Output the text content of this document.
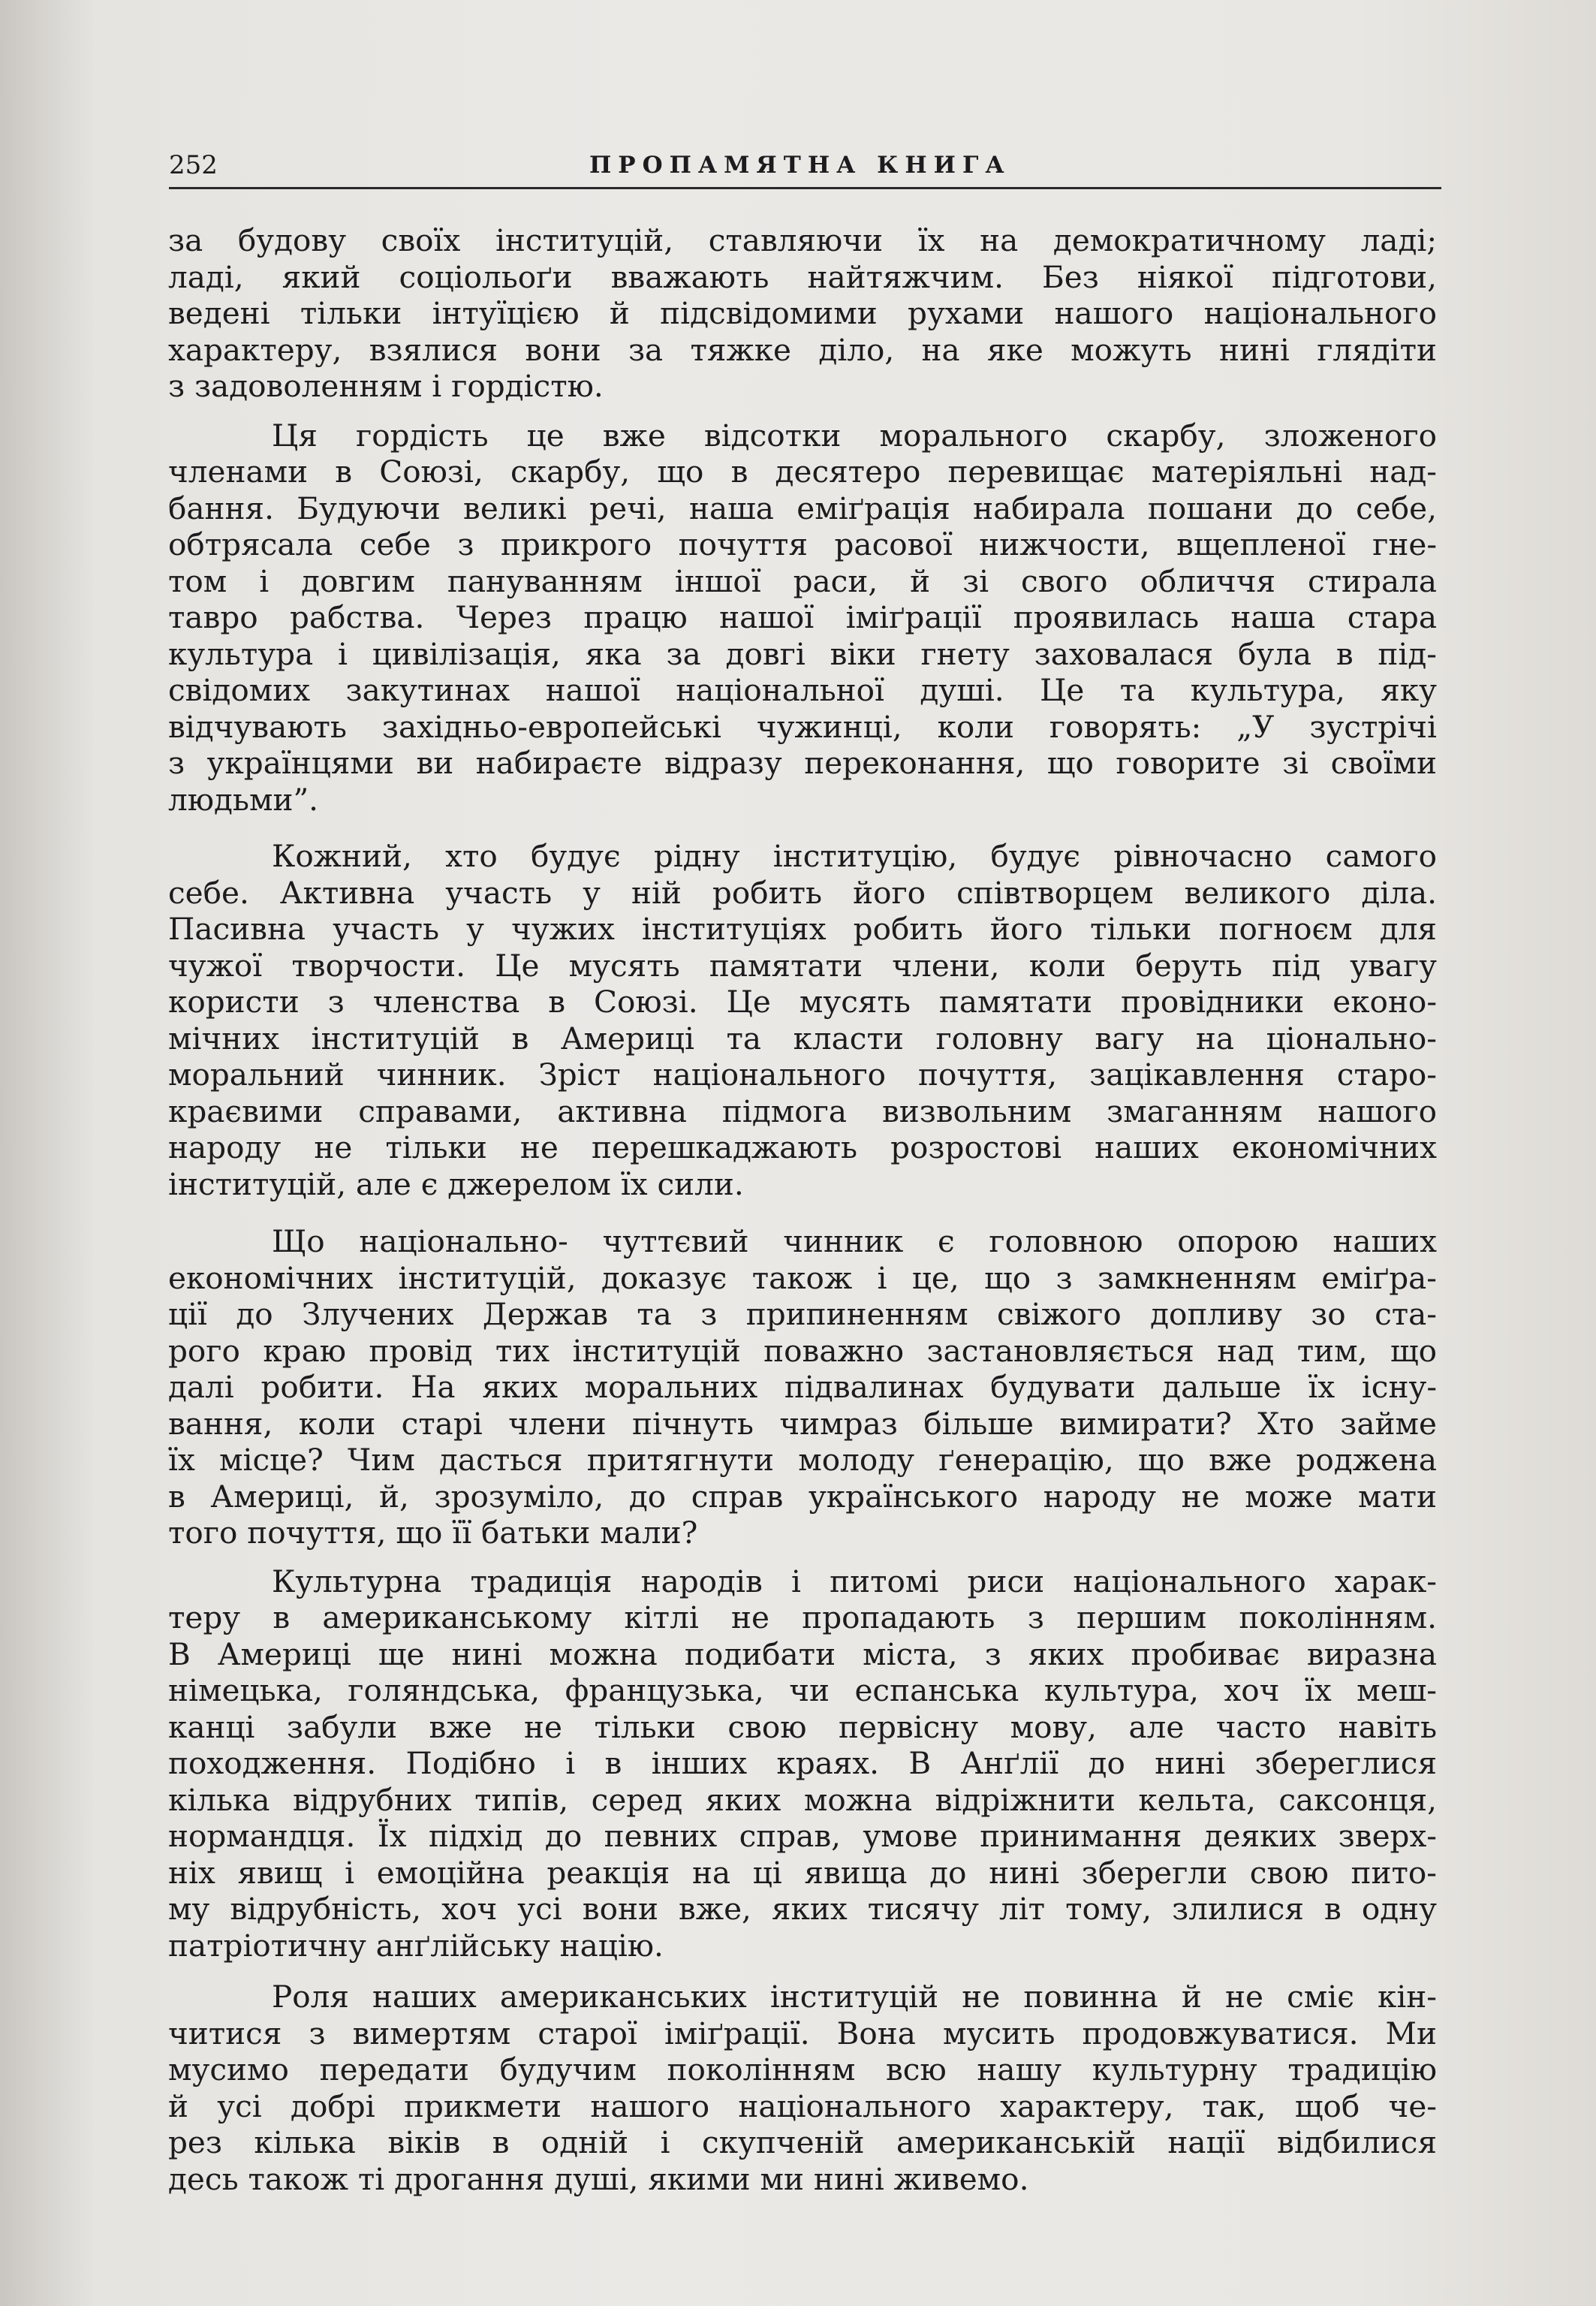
252	ПРОПАМЯТНА КНИГА
за будову своїх інституцій, ставляючи їх на демократичному ладі;
ладі, який соціольоґи вважають найтяжчим. Без ніякої підготови,
ведені тільки інтуїцією й підсвідомими рухами нашого національного
характеру, взялися вони за тяжке діло, на яке можуть нині глядіти
з задоволенням і гордістю.
Ця гордість це вже відсотки морального скарбу, зложеного
членами в Союзі, скарбу, що в десятеро перевищає матеріяльні над-
бання. Будуючи великі речі, наша еміґрація набирала пошани до себе,
обтрясала себе з прикрого почуття расової нижчости, вщепленої гне-
том і довгим пануванням іншої раси, й зі свого обличчя стирала
тавро рабства. Через працю нашої іміґрації проявилась наша стара
культура і цивілізація, яка за довгі віки гнету заховалася була в під-
свідомих закутинах нашої національної душі. Це та культура, яку
відчувають західньо-европейські чужинці, коли говорять: „У зустрічі
з українцями ви набираєте відразу переконання, що говорите зі своїми
людьми”.
Кожний, хто будує рідну інституцію, будує рівночасно самого
себе. Активна участь у ній робить його співтворцем великого діла.
Пасивна участь у чужих інституціях робить його тільки погноєм для
чужої творчости. Це мусять памятати члени, коли беруть під увагу
користи з членства в Союзі. Це мусять памятати провідники еконо-
мічних інституцій в Америці та класти головну вагу на ціонально-
моральний чинник. Зріст національного почуття, зацікавлення старо-
краєвими справами, активна підмога визвольним змаганням нашого
народу не тільки не перешкаджають розростові наших економічних
інституцій, але є джерелом їх сили.
Що національно- чуттєвий чинник є головною опорою наших
економічних інституцій, доказує також і це, що з замкненням еміґра-
ції до Злучених Держав та з припиненням свіжого допливу зо ста-
рого краю провід тих інституцій поважно застановляється над тим, що
далі робити. На яких моральних підвалинах будувати дальше їх існу-
вання, коли старі члени пічнуть чимраз більше вимирати? Хто займе
їх місце? Чим дасться притягнути молоду ґенерацію, що вже роджена
в Америці, й, зрозуміло, до справ українського народу не може мати
того почуття, що її батьки мали?
Культурна традиція народів і питомі риси національного харак-
теру в американському кітлі не пропадають з першим поколінням.
В Америці ще нині можна подибати міста, з яких пробиває виразна
німецька, голяндська, французька, чи еспанська культура, хоч їх меш-
канці забули вже не тільки свою первісну мову, але часто навіть
походження. Подібно і в інших краях. В Анґлії до нині збереглися
кілька відрубних типів, серед яких можна відріжнити кельта, саксонця,
нормандця. Їх підхід до певних справ, умове принимання деяких зверх-
ніх явищ і емоційна реакція на ці явища до нині зберегли свою пито-
му відрубність, хоч усі вони вже, яких тисячу літ тому, злилися в одну
патріотичну анґлійську націю.
Роля наших американських інституцій не повинна й не сміє кін-
читися з вимертям старої іміґрації. Вона мусить продовжуватися. Ми
мусимо передати будучим поколінням всю нашу культурну традицію
й усі добрі прикмети нашого національного характеру, так, щоб че-
рез кілька віків в одній і скупченій американській нації відбилися
десь також ті дрогання душі, якими ми нині живемо.
